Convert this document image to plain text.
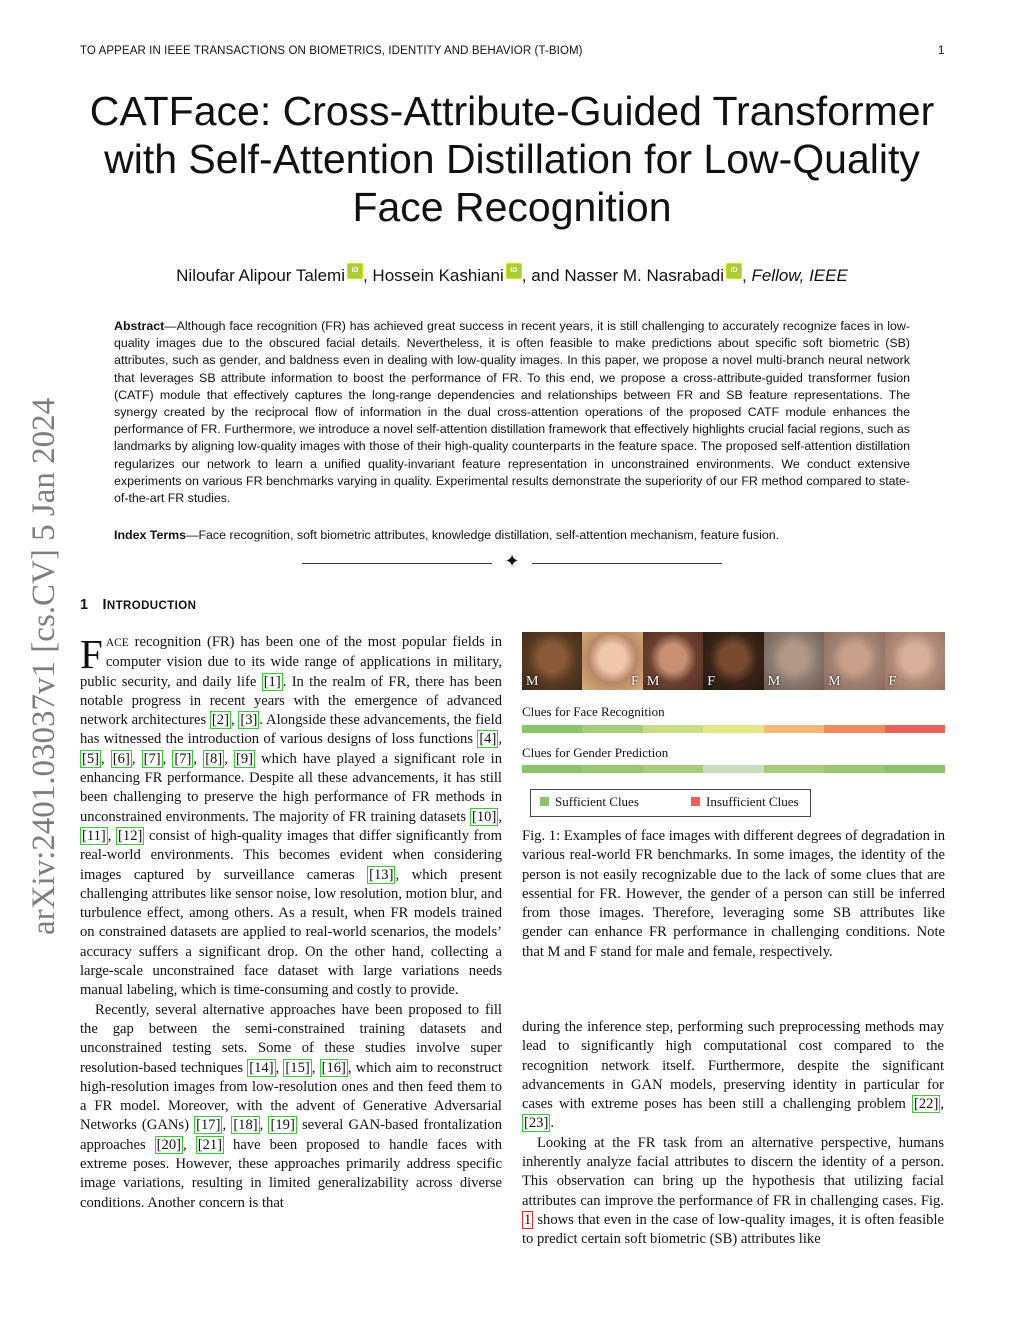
TO APPEAR IN IEEE TRANSACTIONS ON BIOMETRICS, IDENTITY AND BEHAVIOR (T-BIOM)	1
arXiv:2401.03037v1 [cs.CV] 5 Jan 2024
CATFace: Cross-Attribute-Guided Transformer
with Self-Attention Distillation for Low-Quality
Face Recognition
Niloufar Alipour Talemi iD , Hossein Kashiani iD , and Nasser M. Nasrabadi iD , Fellow, IEEE
Abstract—Although face recognition (FR) has achieved great success in recent years, it is still challenging to accurately recognize faces in low-quality images due to the obscured facial details. Nevertheless, it is often feasible to make predictions about specific soft biometric (SB) attributes, such as gender, and baldness even in dealing with low-quality images. In this paper, we propose a novel multi-branch neural network that leverages SB attribute information to boost the performance of FR. To this end, we propose a cross-attribute-guided transformer fusion (CATF) module that effectively captures the long-range dependencies and relationships between FR and SB feature representations. The synergy created by the reciprocal flow of information in the dual cross-attention operations of the proposed CATF module enhances the performance of FR. Furthermore, we introduce a novel self-attention distillation framework that effectively highlights crucial facial regions, such as landmarks by aligning low-quality images with those of their high-quality counterparts in the feature space. The proposed self-attention distillation regularizes our network to learn a unified quality-invariant feature representation in unconstrained environments. We conduct extensive experiments on various FR benchmarks varying in quality. Experimental results demonstrate the superiority of our FR method compared to state-of-the-art FR studies.
Index Terms—Face recognition, soft biometric attributes, knowledge distillation, self-attention mechanism, feature fusion.
✦
1 INTRODUCTION

FACE recognition (FR) has been one of the most popular fields in computer vision due to its wide range of applications in military, public security, and daily life [1] . In the realm of FR, there has been notable progress in recent years with the emergence of advanced network architectures [2] , [3] . Alongside these advancements, the field has witnessed the introduction of various designs of loss functions [4] , [5] , [6] , [7] , [7] , [8] , [9] which have played a significant role in enhancing FR performance. Despite all these advancements, it has still been challenging to preserve the high performance of FR methods in unconstrained environments. The majority of FR training datasets [10] , [11] , [12] consist of high-quality images that differ significantly from real-world environments. This becomes evident when considering images captured by surveillance cameras [13] , which present challenging attributes like sensor noise, low resolution, motion blur, and turbulence effect, among others. As a result, when FR models trained on constrained datasets are applied to real-world scenarios, the models’ accuracy suffers a significant drop. On the other hand, collecting a large-scale unconstrained face dataset with large variations needs manual labeling, which is time-consuming and costly to provide.

Recently, several alternative approaches have been proposed to fill the gap between the semi-constrained training datasets and unconstrained testing sets. Some of these studies involve super resolution-based techniques [14] , [15] , [16] , which aim to reconstruct high-resolution images from low-resolution ones and then feed them to a FR model. Moreover, with the advent of Generative Adversarial Networks (GANs) [17] , [18] , [19] several GAN-based frontalization approaches [20] , [21] have been proposed to handle faces with extreme poses. However, these approaches primarily address specific image variations, resulting in limited generalizability across diverse conditions. Another concern is that

M	F M	F	M	M	F
Clues for Face Recognition
Clues for Gender Prediction
Sufficient Clues	Insufficient Clues
Fig. 1: Examples of face images with different degrees of degradation in various real-world FR benchmarks. In some images, the identity of the person is not easily recognizable due to the lack of some clues that are essential for FR. However, the gender of a person can still be inferred from those images. Therefore, leveraging some SB attributes like gender can enhance FR performance in challenging conditions. Note that M and F stand for male and female, respectively.

during the inference step, performing such preprocessing methods may lead to significantly high computational cost compared to the recognition network itself. Furthermore, despite the significant advancements in GAN models, preserving identity in particular for cases with extreme poses has been still a challenging problem [22] , [23] .

Looking at the FR task from an alternative perspective, humans inherently analyze facial attributes to discern the identity of a person. This observation can bring up the hypothesis that utilizing facial attributes can improve the performance of FR in challenging cases. Fig. 1 shows that even in the case of low-quality images, it is often feasible to predict certain soft biometric (SB) attributes like
